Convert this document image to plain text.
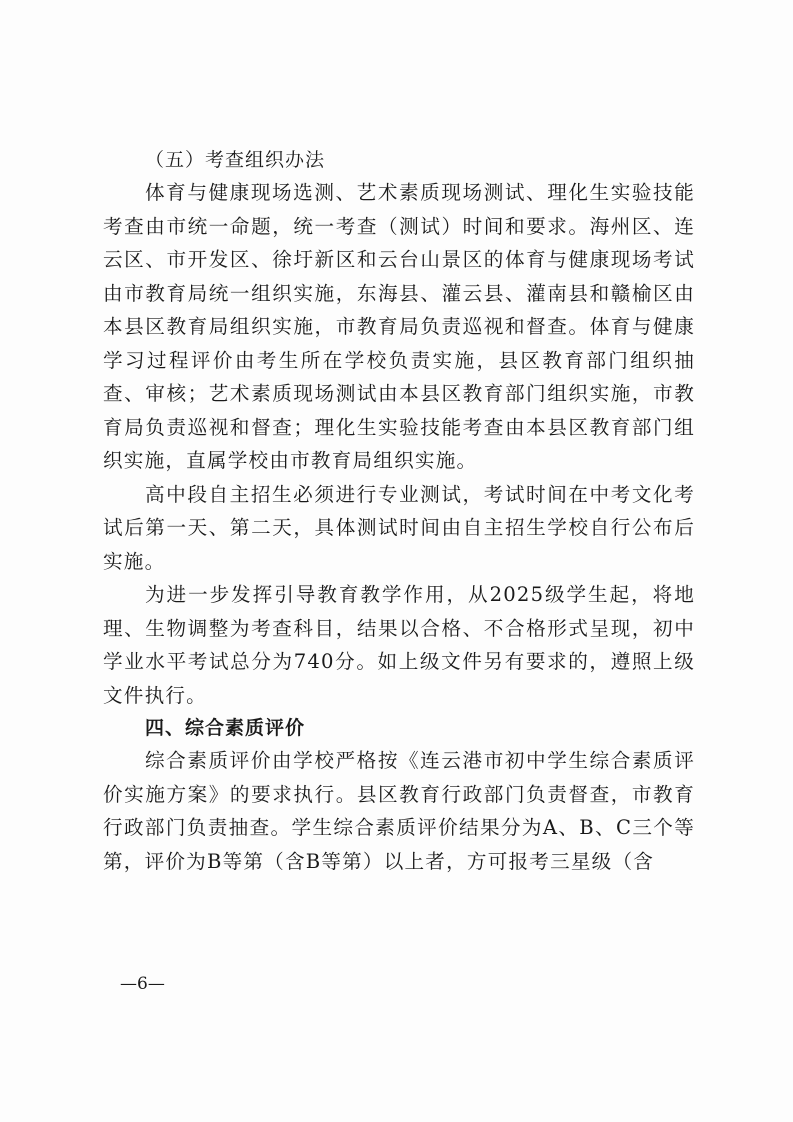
（五）考查组织办法

体育与健康现场选测、艺术素质现场测试、理化生实验技能考查由市统一命题，统一考查（测试）时间和要求。海州区、连云区、市开发区、徐圩新区和云台山景区的体育与健康现场考试由市教育局统一组织实施，东海县、灌云县、灌南县和赣榆区由本县区教育局组织实施，市教育局负责巡视和督查。体育与健康学习过程评价由考生所在学校负责实施，县区教育部门组织抽查、审核；艺术素质现场测试由本县区教育部门组织实施，市教育局负责巡视和督查；理化生实验技能考查由本县区教育部门组织实施，直属学校由市教育局组织实施。

高中段自主招生必须进行专业测试，考试时间在中考文化考试后第一天、第二天，具体测试时间由自主招生学校自行公布后实施。

为进一步发挥引导教育教学作用，从2025级学生起，将地理、生物调整为考查科目，结果以合格、不合格形式呈现，初中学业水平考试总分为740分。如上级文件另有要求的，遵照上级文件执行。

四、综合素质评价

综合素质评价由学校严格按《连云港市初中学生综合素质评价实施方案》的要求执行。县区教育行政部门负责督查，市教育行政部门负责抽查。学生综合素质评价结果分为A、B、C三个等第，评价为B等第（含B等第）以上者，方可报考三星级（含

—6—
